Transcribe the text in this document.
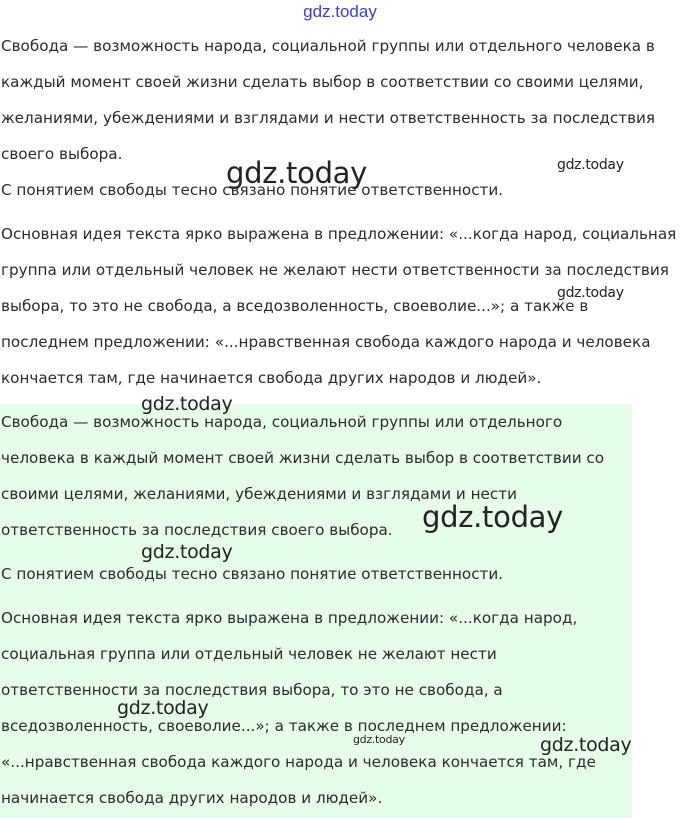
gdz.today

Свобода — возможность народа, социальной группы или отдельного человека в каждый момент своей жизни сделать выбор в соответствии со своими целями, желаниями, убеждениями и взглядами и нести ответственность за последствия своего выбора.

С понятием свободы тесно связано понятие ответственности.

Основная идея текста ярко выражена в предложении: «...когда народ, социальная группа или отдельный человек не желают нести ответственности за последствия выбора, то это не свобода, а вседозволенность, своеволие...»; а также в последнем предложении: «...нравственная свобода каждого народа и человека кончается там, где начинается свобода других народов и людей».

Свобода — возможность народа, социальной группы или отдельного человека в каждый момент своей жизни сделать выбор в соответствии со своими целями, желаниями, убеждениями и взглядами и нести ответственность за последствия своего выбора.

С понятием свободы тесно связано понятие ответственности.

Основная идея текста ярко выражена в предложении: «...когда народ, социальная группа или отдельный человек не желают нести ответственности за последствия выбора, то это не свобода, а вседозволенность, своеволие...»; а также в последнем предложении: «...нравственная свобода каждого народа и человека кончается там, где начинается свобода других народов и людей».

gdz.today	gdz.today
gdz.today
gdz.today
gdz.today
gdz.today
gdz.today
gdz.today	gdz.today
